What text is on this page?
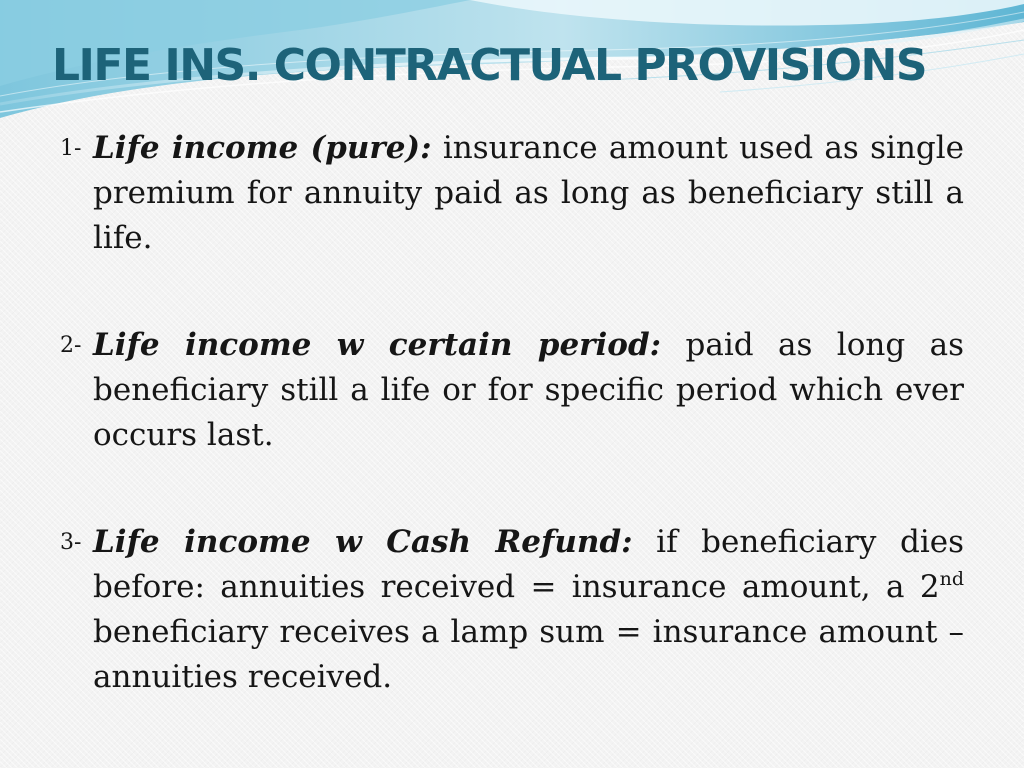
LIFE INS. CONTRACTUAL PROVISIONS

1- Life income (pure): insurance amount used as single premium for annuity paid as long as beneficiary still a life.

2- Life income w certain period: paid as long as beneficiary still a life or for specific period which ever occurs last.

3- Life income w Cash Refund: if beneficiary dies before: annuities received = insurance amount, a 2nd beneficiary receives a lamp sum = insurance amount – annuities received.
